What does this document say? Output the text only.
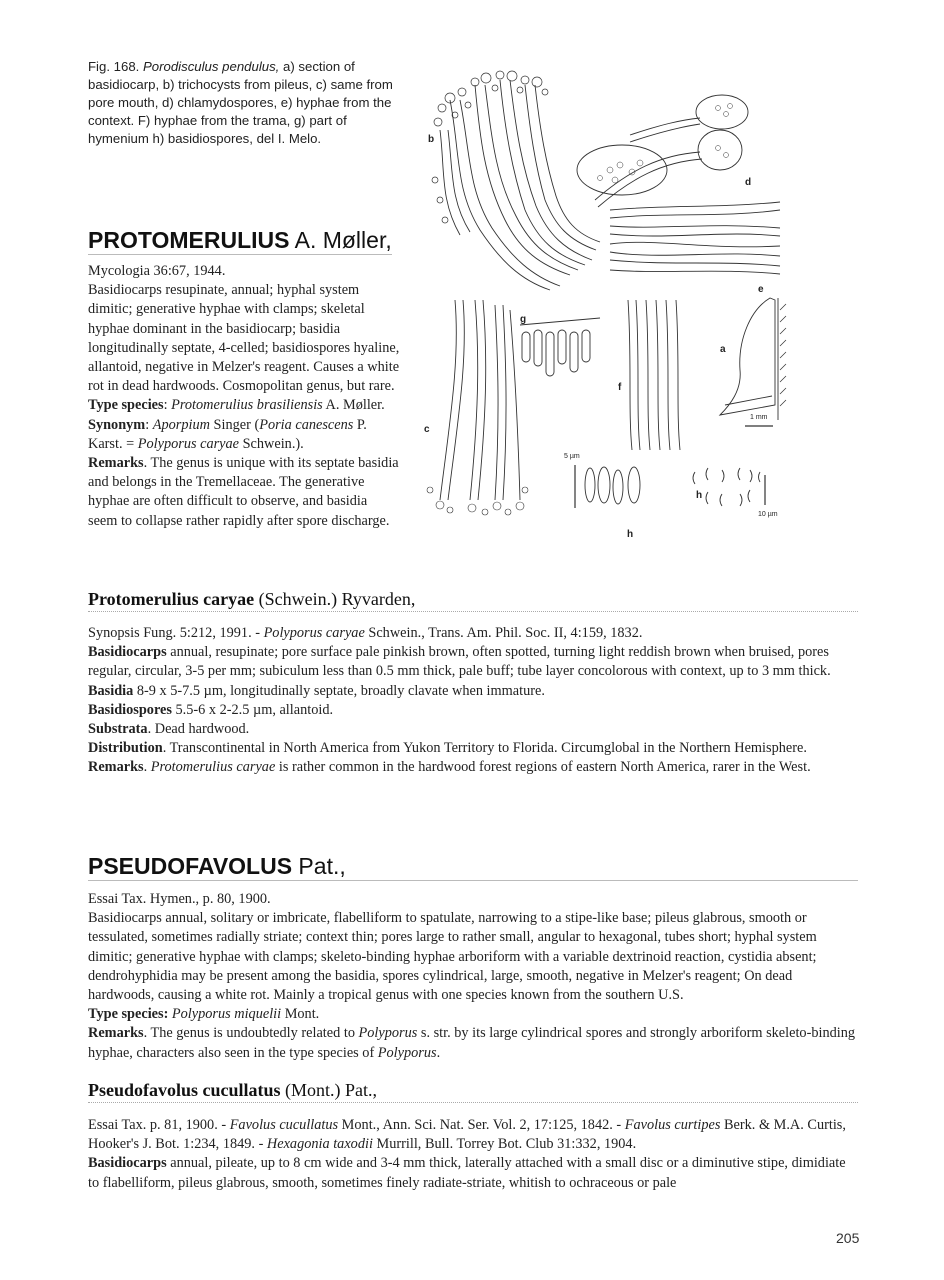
Fig. 168. Porodisculus pendulus, a) section of basidiocarp, b) trichocysts from pileus, c) same from pore mouth, d) chlamydospores, e) hyphae from the context. F) hyphae from the trama, g) part of hymenium h) basidiospores, del I. Melo.	b
d
e
g
a
f
c
h
h
5 µm
10 µm
1 mm
PROTOMERULIUS A. Møller,

Mycologia 36:67, 1944.

Basidiocarps resupinate, annual; hyphal system dimitic; generative hyphae with clamps; skeletal hyphae dominant in the basidiocarp; basidia longitudinally septate, 4-celled; basidiospores hyaline, allantoid, negative in Melzer's reagent. Causes a white rot in dead hardwoods. Cosmopolitan genus, but rare.

Type species: Protomerulius brasiliensis A. Møller.

Synonym: Aporpium Singer (Poria canescens P. Karst. = Polyporus caryae Schwein.).

Remarks. The genus is unique with its septate basidia and belongs in the Tremellaceae. The generative hyphae are often difficult to observe, and basidia seem to collapse rather rapidly after spore discharge.

Protomerulius caryae (Schwein.) Ryvarden,

Synopsis Fung. 5:212, 1991. - Polyporus caryae Schwein., Trans. Am. Phil. Soc. II, 4:159, 1832.

Basidiocarps annual, resupinate; pore surface pale pinkish brown, often spotted, turning light reddish brown when bruised, pores regular, circular, 3-5 per mm; subiculum less than 0.5 mm thick, pale buff; tube layer concolorous with context, up to 3 mm thick.

Basidia 8-9 x 5-7.5 µm, longitudinally septate, broadly clavate when immature.

Basidiospores 5.5-6 x 2-2.5 µm, allantoid.

Substrata. Dead hardwood.

Distribution. Transcontinental in North America from Yukon Territory to Florida. Circumglobal in the Northern Hemisphere.

Remarks. Protomerulius caryae is rather common in the hardwood forest regions of eastern North America, rarer in the West.

PSEUDOFAVOLUS Pat.,

Essai Tax. Hymen., p. 80, 1900.

Basidiocarps annual, solitary or imbricate, flabelliform to spatulate, narrowing to a stipe-like base; pileus glabrous, smooth or tessulated, sometimes radially striate; context thin; pores large to rather small, angular to hexagonal, tubes short; hyphal system dimitic; generative hyphae with clamps; skeleto-binding hyphae arboriform with a variable dextrinoid reaction, cystidia absent; dendrohyphidia may be present among the basidia, spores cylindrical, large, smooth, negative in Melzer's reagent; On dead hardwoods, causing a white rot. Mainly a tropical genus with one species known from the southern U.S.

Type species: Polyporus miquelii Mont.

Remarks. The genus is undoubtedly related to Polyporus s. str. by its large cylindrical spores and strongly arboriform skeleto-binding hyphae, characters also seen in the type species of Polyporus.

Pseudofavolus cucullatus (Mont.) Pat.,

Essai Tax. p. 81, 1900. - Favolus cucullatus Mont., Ann. Sci. Nat. Ser. Vol. 2, 17:125, 1842. - Favolus curtipes Berk. & M.A. Curtis, Hooker's J. Bot. 1:234, 1849. - Hexagonia taxodii Murrill, Bull. Torrey Bot. Club 31:332, 1904.

Basidiocarps annual, pileate, up to 8 cm wide and 3-4 mm thick, laterally attached with a small disc or a diminutive stipe, dimidiate to flabelliform, pileus glabrous, smooth, sometimes finely radiate-striate, whitish to ochraceous or pale

205
